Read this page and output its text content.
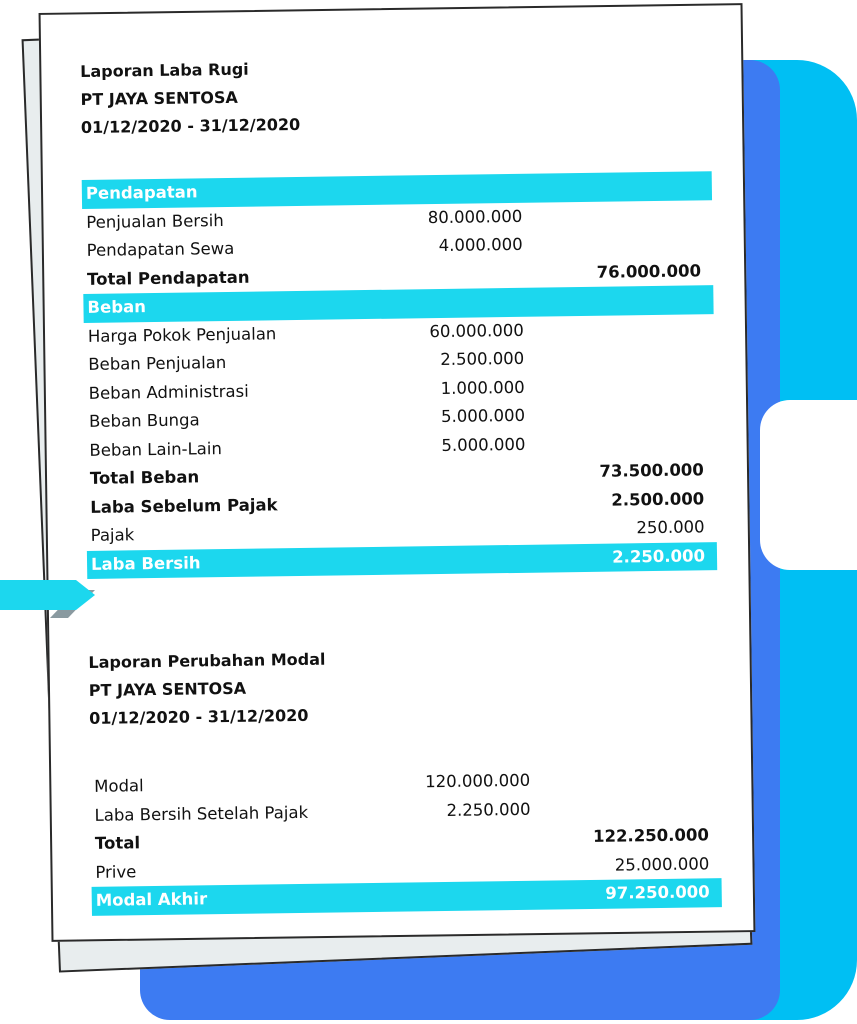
Laporan Laba Rugi
PT JAYA SENTOSA
01/12/2020 - 31/12/2020
Pendapatan
Penjualan Bersih	80.000.000
Pendapatan Sewa	4.000.000
Total Pendapatan	76.000.000
Beban
Harga Pokok Penjualan	60.000.000
Beban Penjualan	2.500.000
Beban Administrasi	1.000.000
Beban Bunga	5.000.000
Beban Lain-Lain	5.000.000
Total Beban	73.500.000
Laba Sebelum Pajak	2.500.000
Pajak	250.000
Laba Bersih	2.250.000
Laporan Perubahan Modal
PT JAYA SENTOSA
01/12/2020 - 31/12/2020
Modal	120.000.000
Laba Bersih Setelah Pajak	2.250.000
Total	122.250.000
Prive	25.000.000
Modal Akhir	97.250.000
